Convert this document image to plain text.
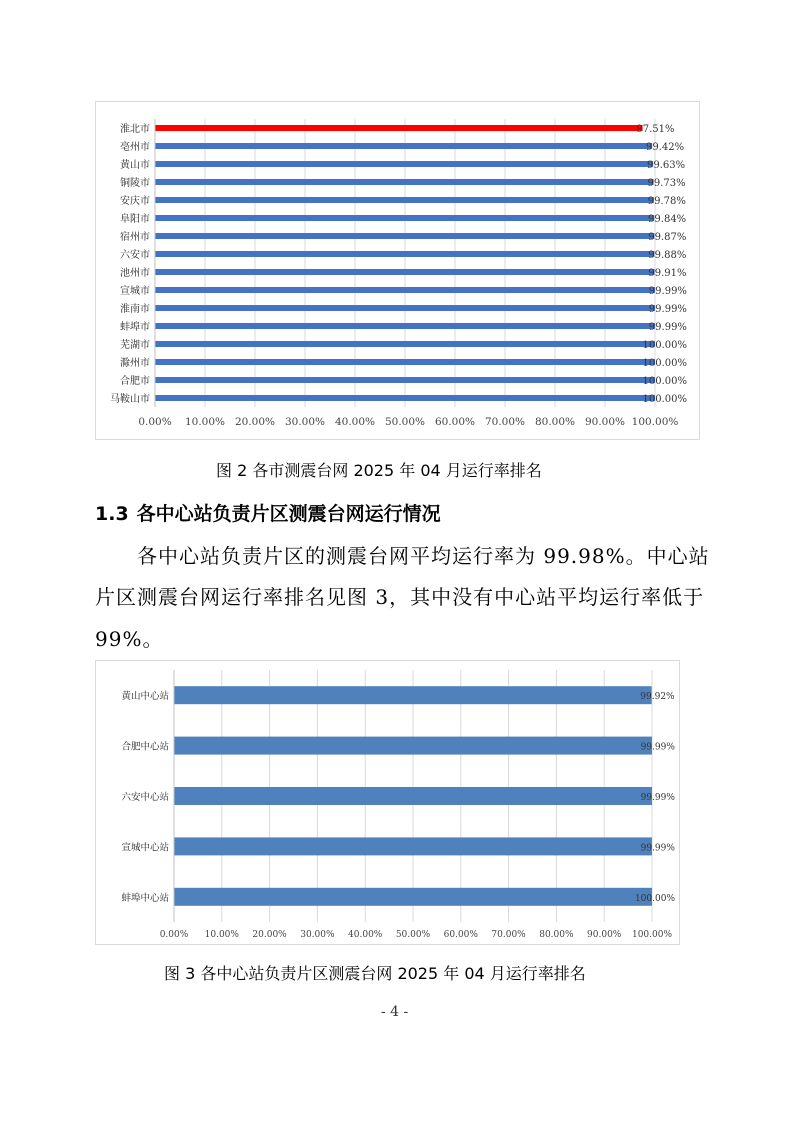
0.00% 10.00% 20.00% 30.00% 40.00% 50.00% 60.00% 70.00% 80.00% 90.00% 100.00%
淮北市	97.51%
亳州市	99.42%
黄山市	99.63%
铜陵市	99.73%
安庆市	99.78%
阜阳市	99.84%
宿州市	99.87%
六安市	99.88%
池州市	99.91%
宣城市	99.99%
淮南市	99.99%
蚌埠市	99.99%
芜湖市	100.00%
滁州市	100.00%
合肥市	100.00%
马鞍山市	100.00%
图 2 各市测震台网 2025 年 04 月运行率排名
1.3 各中心站负责片区测震台网运行情况
各中心站负责片区的测震台网平均运行率为 99.98%。中心站
片区测震台网运行率排名见图 3，其中没有中心站平均运行率低于
99%。
0.00% 10.00% 20.00% 30.00% 40.00% 50.00% 60.00% 70.00% 80.00% 90.00% 100.00%
黄山中心站	99.92%
合肥中心站	99.99%
六安中心站	99.99%
宣城中心站	99.99%
蚌埠中心站	100.00%
图 3 各中心站负责片区测震台网 2025 年 04 月运行率排名
- 4 -
